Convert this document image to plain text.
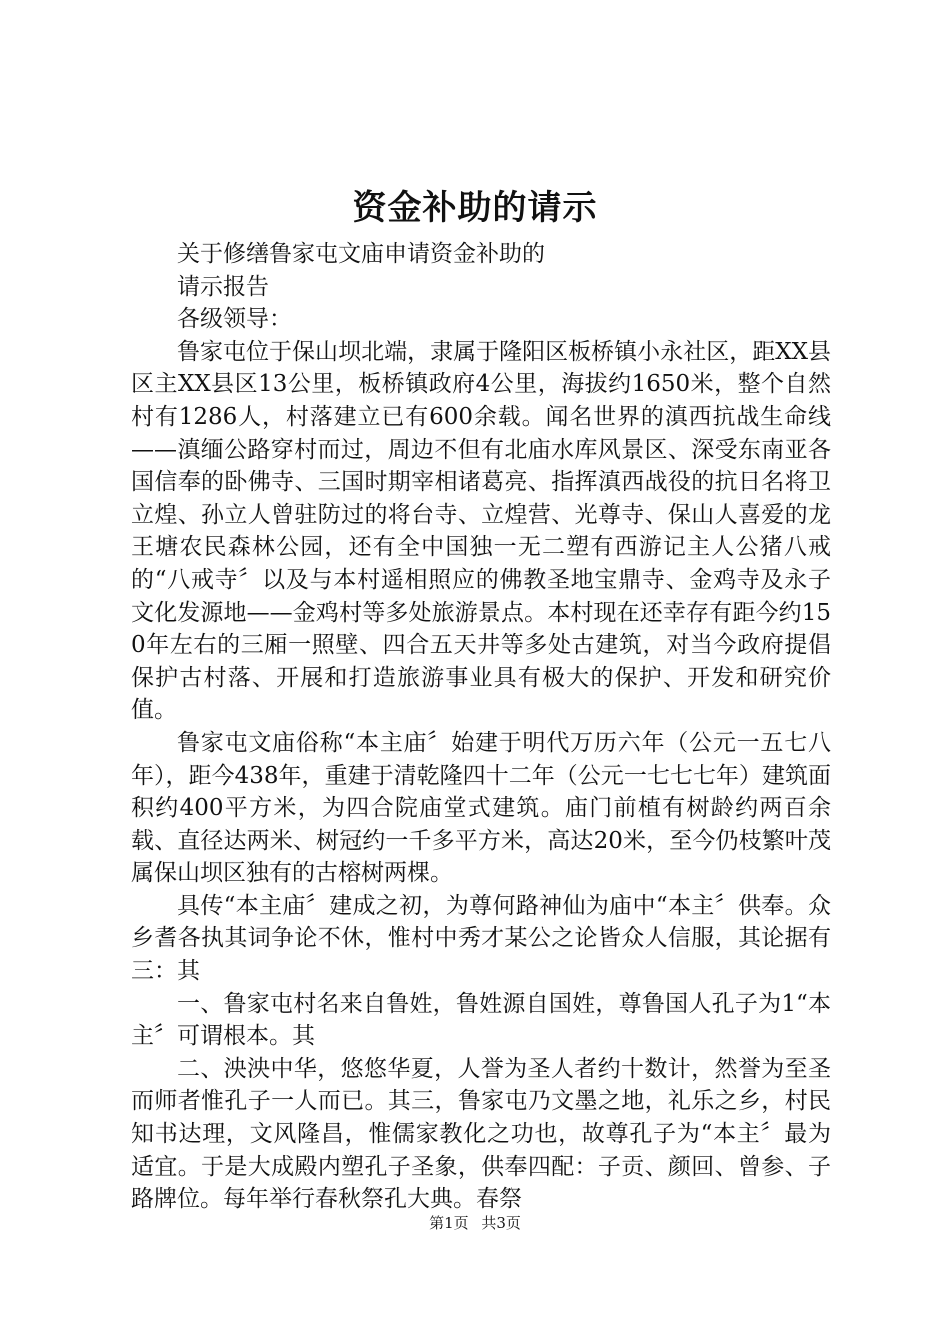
资金补助的请示

关于修缮鲁家屯文庙申请资金补助的

请示报告

各级领导：

鲁家屯位于保山坝北端，隶属于隆阳区板桥镇小永社区，距XX县区主XX县区13公里，板桥镇政府4公里，海拔约1650米，整个自然村有1286人，村落建立已有600余载。闻名世界的滇西抗战生命线——滇缅公路穿村而过，周边不但有北庙水库风景区、深受东南亚各国信奉的卧佛寺、三国时期宰相诸葛亮、指挥滇西战役的抗日名将卫立煌、孙立人曾驻防过的将台寺、立煌营、光尊寺、保山人喜爱的龙王塘农民森林公园，还有全中国独一无二塑有西游记主人公猪八戒的“八戒寺〞以及与本村遥相照应的佛教圣地宝鼎寺、金鸡寺及永子文化发源地——金鸡村等多处旅游景点。本村现在还幸存有距今约150年左右的三厢一照壁、四合五天井等多处古建筑，对当今政府提倡保护古村落、开展和打造旅游事业具有极大的保护、开发和研究价值。

鲁家屯文庙俗称“本主庙〞始建于明代万历六年（公元一五七八年），距今438年，重建于清乾隆四十二年（公元一七七七年）建筑面积约400平方米，为四合院庙堂式建筑。庙门前植有树龄约两百余载、直径达两米、树冠约一千多平方米，高达20米，至今仍枝繁叶茂属保山坝区独有的古榕树两棵。

具传“本主庙〞建成之初，为尊何路神仙为庙中“本主〞供奉。众乡耆各执其词争论不休，惟村中秀才某公之论皆众人信服，其论据有三：其

一、鲁家屯村名来自鲁姓，鲁姓源自国姓，尊鲁国人孔子为1“本主〞可谓根本。其

二、泱泱中华，悠悠华夏，人誉为圣人者约十数计，然誉为至圣而师者惟孔子一人而已。其三，鲁家屯乃文墨之地，礼乐之乡，村民知书达理，文风隆昌，惟儒家教化之功也，故尊孔子为“本主〞最为适宜。于是大成殿内塑孔子圣象，供奉四配：子贡、颜回、曾参、子路牌位。每年举行春秋祭孔大典。春祭

第1页 共3页
